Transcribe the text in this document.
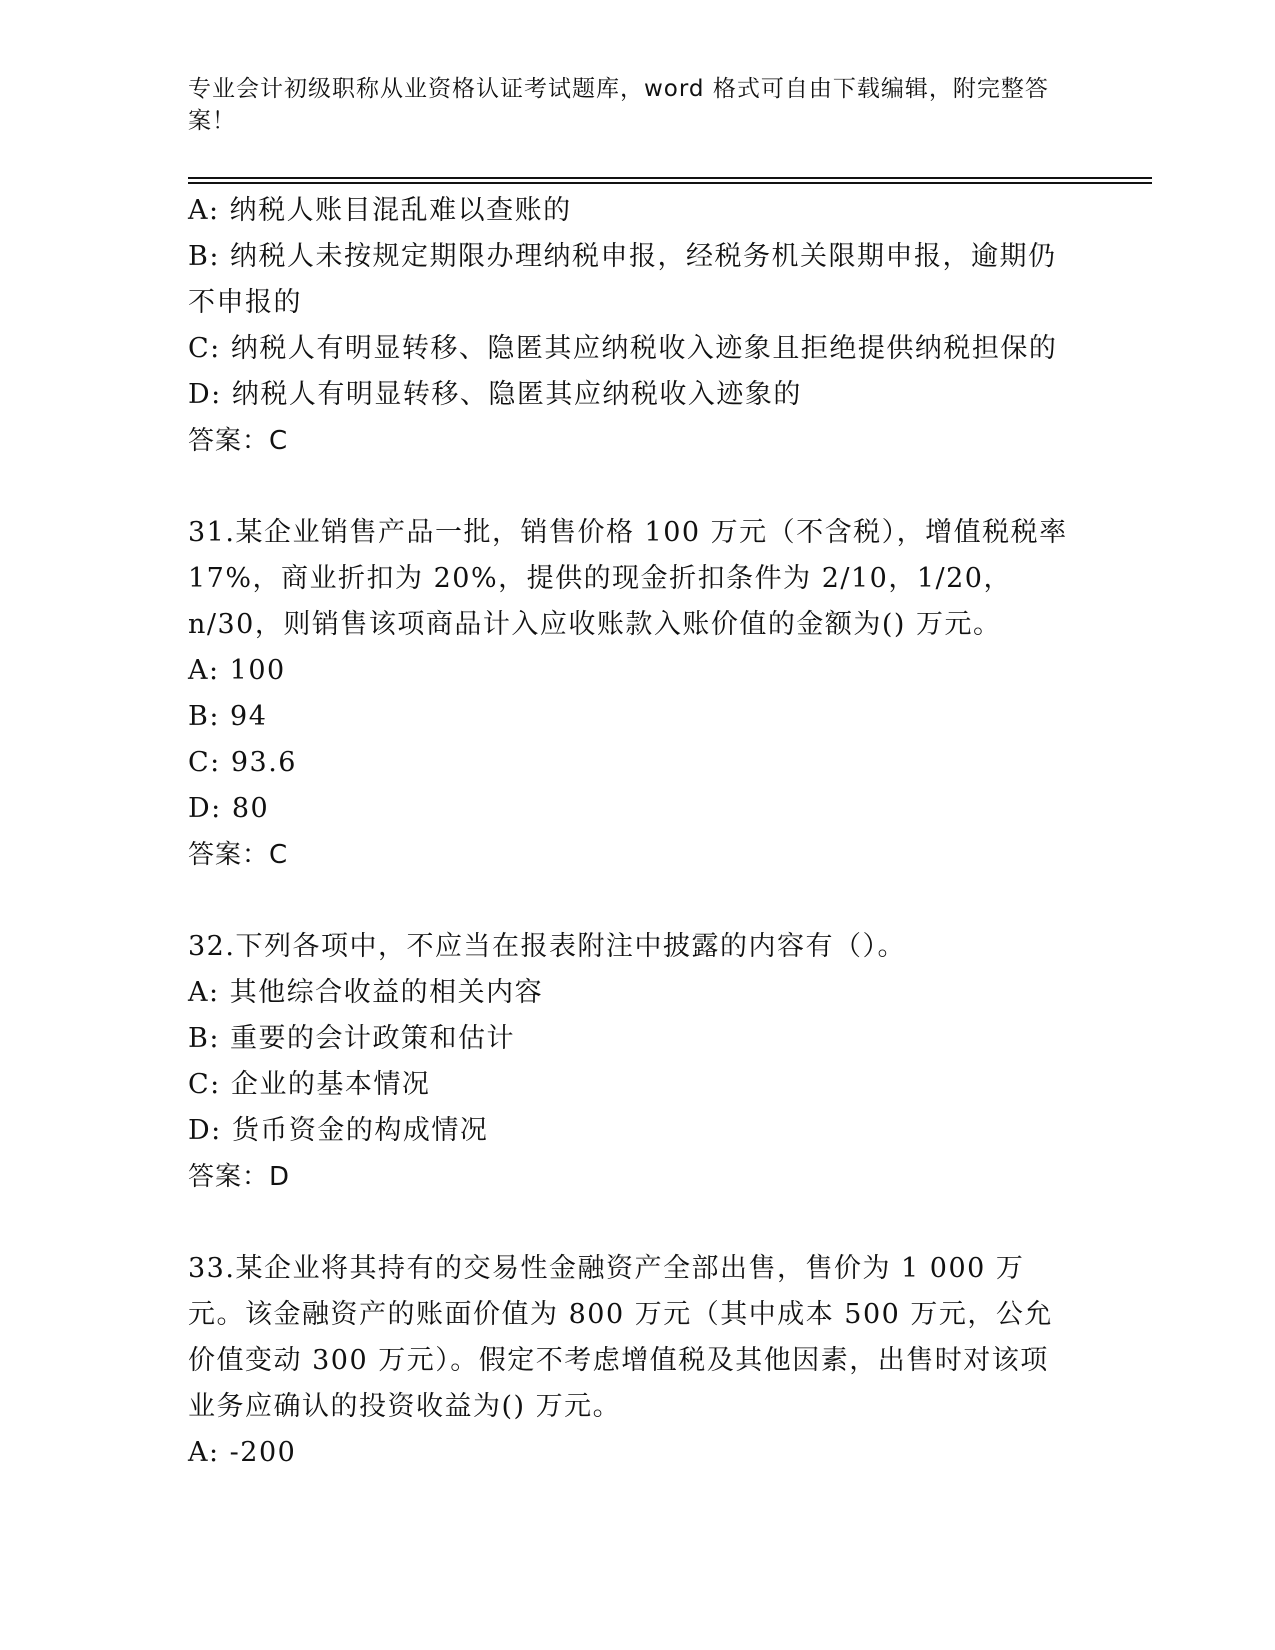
专业会计初级职称从业资格认证考试题库，word 格式可自由下载编辑，附完整答案！

A: 纳税人账目混乱难以查账的

B: 纳税人未按规定期限办理纳税申报，经税务机关限期申报，逾期仍不申报的

C: 纳税人有明显转移、隐匿其应纳税收入迹象且拒绝提供纳税担保的

D: 纳税人有明显转移、隐匿其应纳税收入迹象的

答案：C

31.某企业销售产品一批，销售价格 100 万元（不含税），增值税税率 17%，商业折扣为 20%，提供的现金折扣条件为 2/10，1/20，n/30，则销售该项商品计入应收账款入账价值的金额为() 万元。

A: 100

B: 94

C: 93.6

D: 80

答案：C

32.下列各项中，不应当在报表附注中披露的内容有（）。

A: 其他综合收益的相关内容

B: 重要的会计政策和估计

C: 企业的基本情况

D: 货币资金的构成情况

答案：D

33.某企业将其持有的交易性金融资产全部出售，售价为 1 000 万元。该金融资产的账面价值为 800 万元（其中成本 500 万元，公允价值变动 300 万元）。假定不考虑增值税及其他因素，出售时对该项业务应确认的投资收益为() 万元。

A: -200
